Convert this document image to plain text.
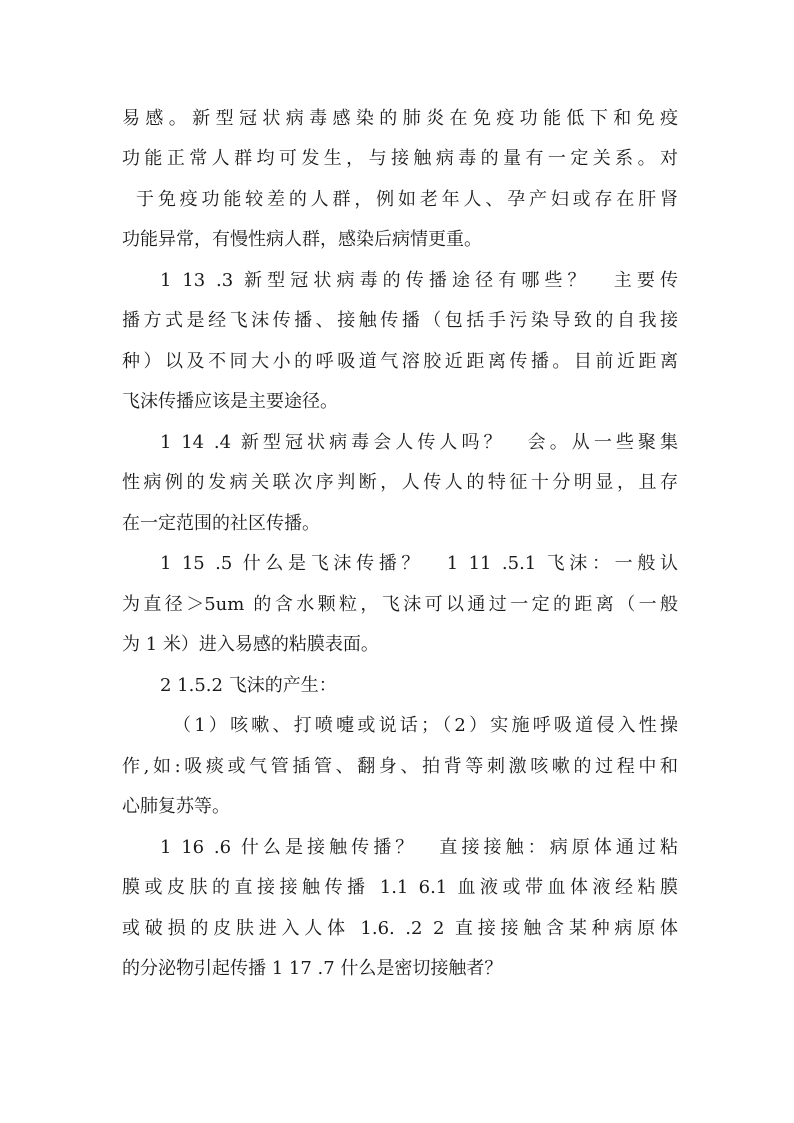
易感。新型冠状病毒感染的肺炎在免疫功能低下和免疫
功能正常人群均可发生，与接触病毒的量有一定关系。对
于免疫功能较差的人群，例如老年人、孕产妇或存在肝肾
功能异常，有慢性病人群，感染后病情更重。
1 13 .3 新型冠状病毒的传播途径有哪些？　主要传
播方式是经飞沫传播、接触传播（包括手污染导致的自我接
种）以及不同大小的呼吸道气溶胶近距离传播。目前近距离
飞沫传播应该是主要途径。
1 14 .4 新型冠状病毒会人传人吗？　会。从一些聚集
性病例的发病关联次序判断，人传人的特征十分明显，且存
在一定范围的社区传播。
1 15 .5 什么是飞沫传播？　1 11 .5.1 飞沫：一般认
为直径＞5um 的含水颗粒，飞沫可以通过一定的距离（一般
为 1 米）进入易感的粘膜表面。
2 1.5.2 飞沫的产生：
（1）咳嗽、打喷嚏或说话；（2）实施呼吸道侵入性操
作,如:吸痰或气管插管、翻身、拍背等刺激咳嗽的过程中和
心肺复苏等。
1 16 .6 什么是接触传播？　直接接触：病原体通过粘
膜或皮肤的直接接触传播 1.1 6.1 血液或带血体液经粘膜
或破损的皮肤进入人体 1.6. .2 2 直接接触含某种病原体
的分泌物引起传播 1 17 .7 什么是密切接触者？
